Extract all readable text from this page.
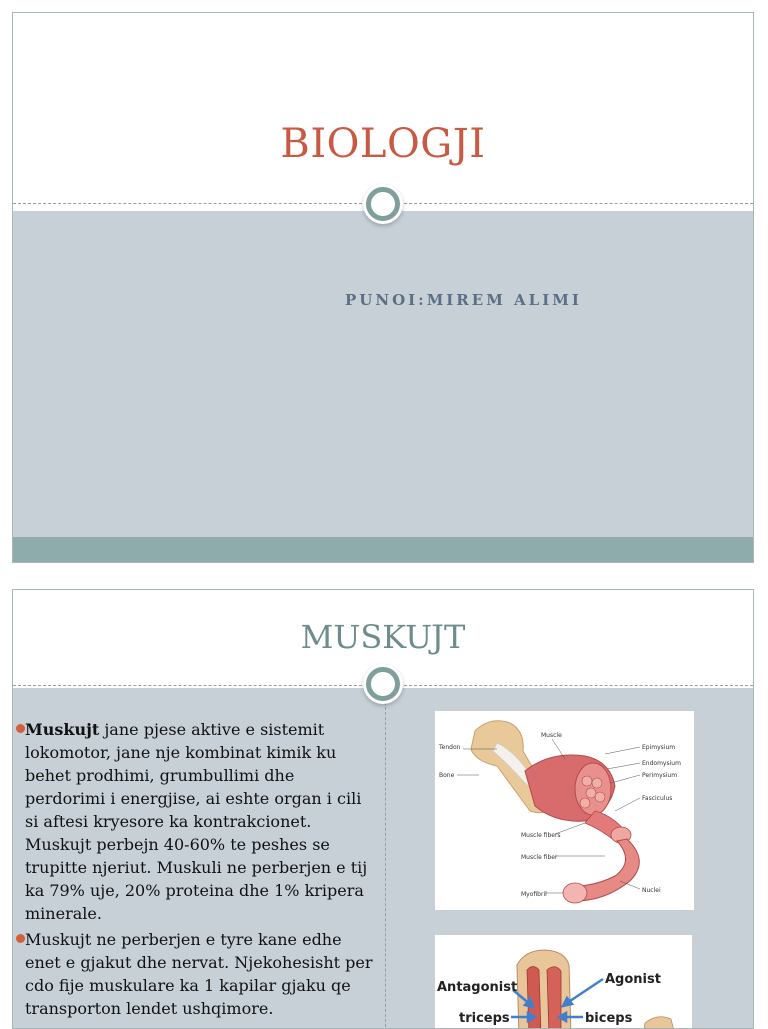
BIOLOGJI
PUNOI:MIREM ALIMI
MUSKUJT
Muskujt jane pjese aktive e sistemit lokomotor, jane nje kombinat kimik ku behet prodhimi, grumbullimi dhe perdorimi i energjise, ai eshte organ i cili si aftesi kryesore ka kontrakcionet. Muskujt perbejn 40-60% te peshes se trupitte njeriut. Muskuli ne perberjen e tij ka 79% uje, 20% proteina dhe 1% kripera minerale.
Muskujt ne perberjen e tyre kane edhe enet e gjakut dhe nervat. Njekohesisht per cdo fije muskulare ka 1 kapilar gjaku qe transporton lendet ushqimore.
Tendon
Bone
Muscle
Epimysium
Endomysium
Perimysium
Fasciculus
Muscle fibers
Muscle fiber
Myofibril
Nuclei
Antagonist
Agonist
triceps	biceps
